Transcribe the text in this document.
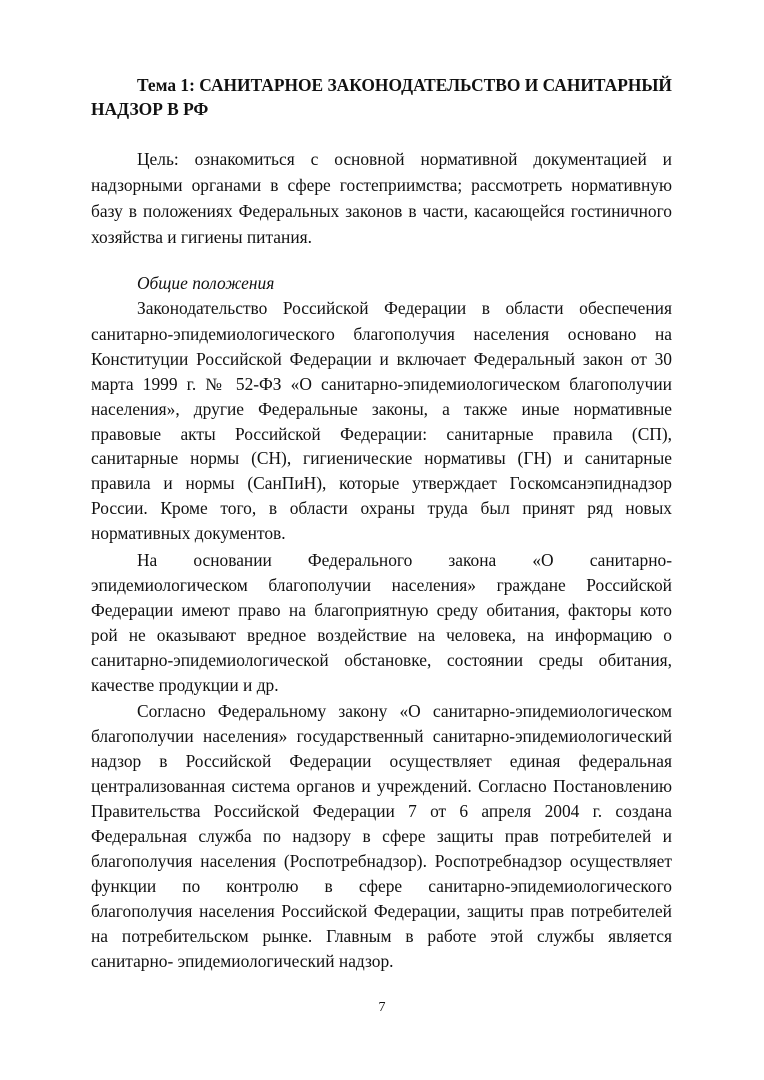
Тема 1: САНИТАРНОЕ ЗАКОНОДАТЕЛЬСТВО И САНИТАРНЫЙ
НАДЗОР В РФ
Цель: ознакомиться с основной нормативной документацией и
надзорными органами в сфере гостеприимства; рассмотреть нормативную
базу в положениях Федеральных законов в части, касающейся гостиничного
хозяйства и гигиены питания.
Общие положения
Законодательство Российской Федерации в области обеспечения
санитарно-эпидемиологического благополучия населения основано на
Конституции Российской Федерации и включает Федеральный закон от 30
марта 1999 г. № 52-ФЗ «О санитарно-эпидемиологическом благополучии
населения», другие Федеральные законы, а также иные нормативные
правовые акты Российской Федерации: санитарные правила (СП),
санитарные нормы (СН), гигиенические нормативы (ГН) и санитарные
правила и нормы (СанПиН), которые утверждает Госкомсанэпиднадзор
России. Кроме того, в области охраны труда был принят ряд новых
нормативных документов.
На основании Федерального закона «О санитарно-
эпидемиологическом благополучии населения» граждане Российской
Федерации имеют право на благоприятную среду обитания, факторы кото
рой не оказывают вредное воздействие на человека, на информацию о
санитарно-эпидемиологической обстановке, состоянии среды обитания,
качестве продукции и др.
Согласно Федеральному закону «О санитарно-эпидемиологическом
благополучии населения» государственный санитарно-эпидемиологический
надзор в Российской Федерации осуществляет единая федеральная
централизованная система органов и учреждений. Согласно Постановлению
Правительства Российской Федерации 7 от 6 апреля 2004 г. создана
Федеральная служба по надзору в сфере защиты прав потребителей и
благополучия населения (Роспотребнадзор). Роспотребнадзор осуществляет
функции по контролю в сфере санитарно-эпидемиологического
благополучия населения Российской Федерации, защиты прав потребителей
на потребительском рынке. Главным в работе этой службы является
санитарно- эпидемиологический надзор.
7
